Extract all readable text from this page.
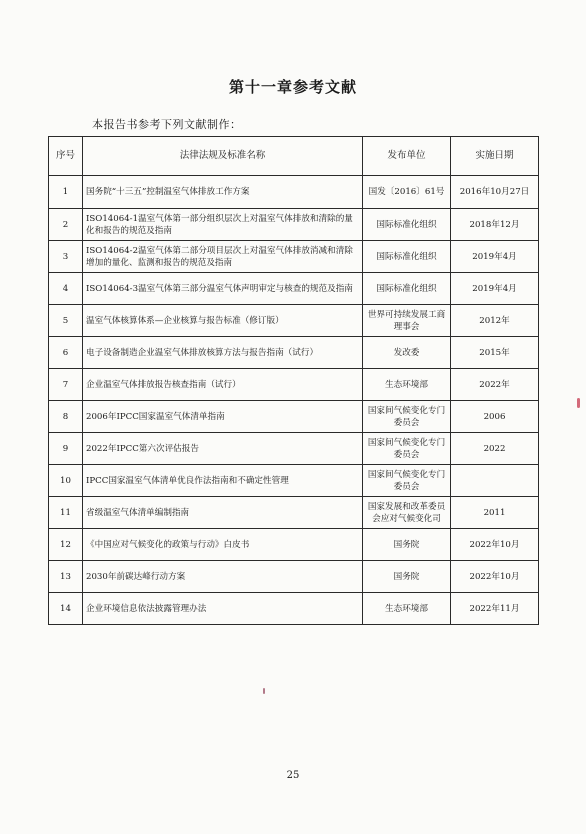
第十一章参考文献
本报告书参考下列文献制作：
序号	法律法规及标准名称	发布单位	实施日期
1	国务院“十三五”控制温室气体排放工作方案	国发〔2016〕61号	2016年10月27日
2	ISO14064-1温室气体第一部分组织层次上对温室气体排放和清除的量化和报告的规范及指南	国际标准化组织	2018年12月
3	ISO14064-2温室气体第二部分项目层次上对温室气体排放消减和清除增加的量化、监测和报告的规范及指南	国际标准化组织	2019年4月
4	ISO14064-3温室气体第三部分温室气体声明审定与核查的规范及指南	国际标准化组织	2019年4月
5	温室气体核算体系—企业核算与报告标准（修订版）	世界可持续发展工商理事会	2012年
6	电子设备制造企业温室气体排放核算方法与报告指南（试行）	发改委	2015年
7	企业温室气体排放报告核查指南（试行）	生态环境部	2022年
8	2006年IPCC国家温室气体清单指南	国家间气候变化专门委员会	2006
9	2022年IPCC第六次评估报告	国家间气候变化专门委员会	2022
10	IPCC国家温室气体清单优良作法指南和不确定性管理	国家间气候变化专门委员会	
11	省级温室气体清单编制指南	国家发展和改革委员会应对气候变化司	2011
12	《中国应对气候变化的政策与行动》白皮书	国务院	2022年10月
13	2030年前碳达峰行动方案	国务院	2022年10月
14	企业环境信息依法披露管理办法	生态环境部	2022年11月
25
